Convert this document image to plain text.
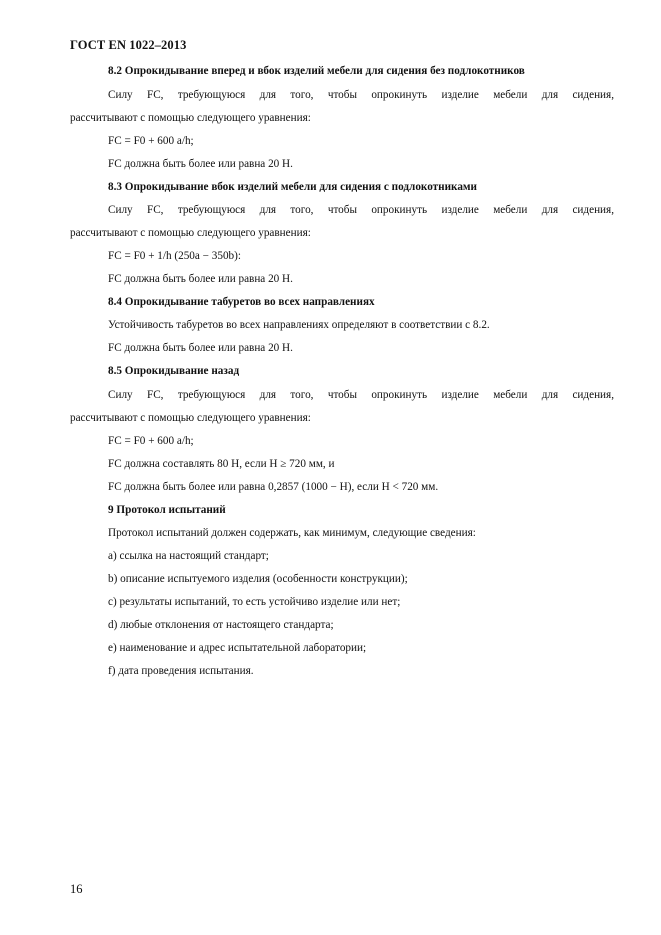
ГОСТ EN 1022–2013
8.2 Опрокидывание вперед и вбок изделий мебели для сидения без подлокотников
Силу FC, требующуюся для того, чтобы опрокинуть изделие мебели для сидения,
рассчитывают с помощью следующего уравнения:
FC = F0 + 600 a/h;
FC должна быть более или равна 20 Н.
8.3 Опрокидывание вбок изделий мебели для сидения с подлокотниками
Силу FC, требующуюся для того, чтобы опрокинуть изделие мебели для сидения,
рассчитывают с помощью следующего уравнения:
FC = F0 + 1/h (250a − 350b):
FC должна быть более или равна 20 Н.
8.4 Опрокидывание табуретов во всех направлениях
Устойчивость табуретов во всех направлениях определяют в соответствии с 8.2.
FC должна быть более или равна 20 Н.
8.5 Опрокидывание назад
Силу FC, требующуюся для того, чтобы опрокинуть изделие мебели для сидения,
рассчитывают с помощью следующего уравнения:
FC = F0 + 600 a/h;
FC должна составлять 80 Н, если H ≥ 720 мм, и
FC должна быть более или равна 0,2857 (1000 − H), если H < 720 мм.
9 Протокол испытаний
Протокол испытаний должен содержать, как минимум, следующие сведения:
а) ссылка на настоящий стандарт;
b) описание испытуемого изделия (особенности конструкции);
с) результаты испытаний, то есть устойчиво изделие или нет;
d) любые отклонения от настоящего стандарта;
е) наименование и адрес испытательной лаборатории;
f) дата проведения испытания.
16
